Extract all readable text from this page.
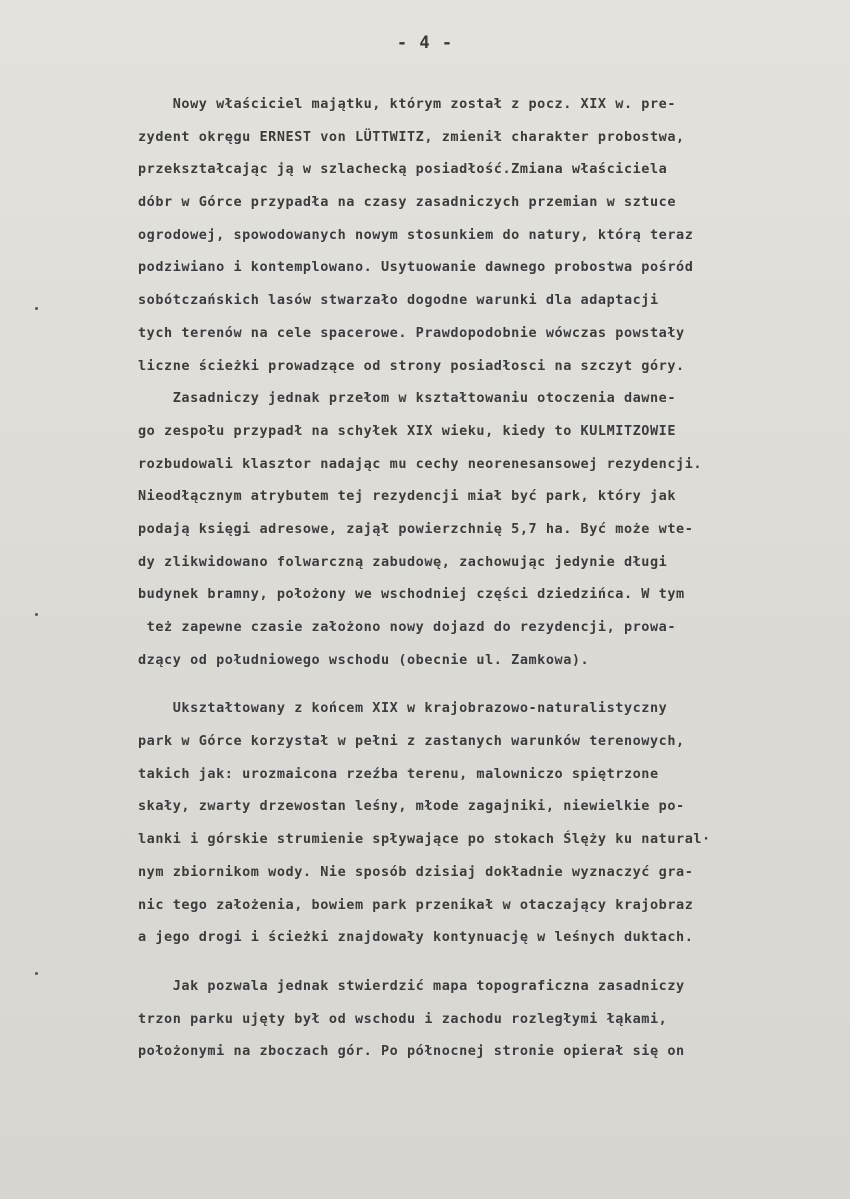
- 4 -
Nowy właściciel majątku, którym został z pocz. XIX w. pre-
zydent okręgu ERNEST von LÜTTWITZ, zmienił charakter probostwa,
przekształcając ją w szlachecką posiadłość.Zmiana właściciela
dóbr w Górce przypadła na czasy zasadniczych przemian w sztuce
ogrodowej, spowodowanych nowym stosunkiem do natury, którą teraz
podziwiano i kontemplowano. Usytuowanie dawnego probostwa pośród
sobótczańskich lasów stwarzało dogodne warunki dla adaptacji
tych terenów na cele spacerowe. Prawdopodobnie wówczas powstały
liczne ścieżki prowadzące od strony posiadłosci na szczyt góry.
Zasadniczy jednak przełom w kształtowaniu otoczenia dawne-
go zespołu przypadł na schyłek XIX wieku, kiedy to KULMITZOWIE
rozbudowali klasztor nadając mu cechy neorenesansowej rezydencji.
Nieodłącznym atrybutem tej rezydencji miał być park, który jak
podają księgi adresowe, zajął powierzchnię 5,7 ha. Być może wte-
dy zlikwidowano folwarczną zabudowę, zachowując jedynie długi
budynek bramny, położony we wschodniej części dziedzińca. W tym
też zapewne czasie założono nowy dojazd do rezydencji, prowa-
dzący od południowego wschodu (obecnie ul. Zamkowa).
Ukształtowany z końcem XIX w krajobrazowo-naturalistyczny
park w Górce korzystał w pełni z zastanych warunków terenowych,
takich jak: urozmaicona rzeźba terenu, malowniczo spiętrzone
skały, zwarty drzewostan leśny, młode zagajniki, niewielkie po-
lanki i górskie strumienie spływające po stokach Ślęży ku natural·
nym zbiornikom wody. Nie sposób dzisiaj dokładnie wyznaczyć gra-
nic tego założenia, bowiem park przenikał w otaczający krajobraz
a jego drogi i ścieżki znajdowały kontynuację w leśnych duktach.
Jak pozwala jednak stwierdzić mapa topograficzna zasadniczy
trzon parku ujęty był od wschodu i zachodu rozległymi łąkami,
położonymi na zboczach gór. Po północnej stronie opierał się on
